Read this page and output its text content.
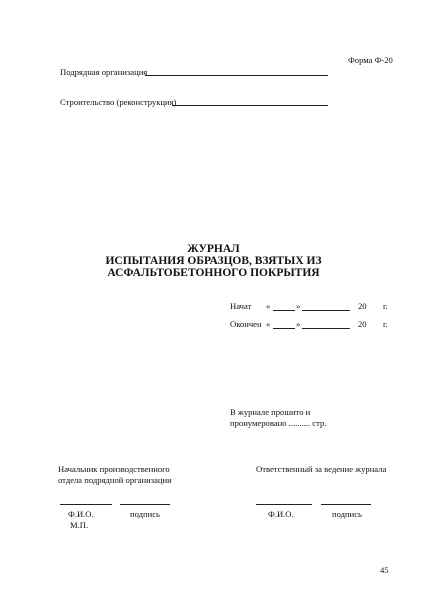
Форма Ф-20
Подрядная организация
Строительство (реконструкция)
ЖУРНАЛ
ИСПЫТАНИЯ ОБРАЗЦОВ, ВЗЯТЫХ ИЗ
АСФАЛЬТОБЕТОННОГО ПОКРЫТИЯ
Начат «	»	20 г.
Окончен «	»	20 г.
В журнале прошито и
пронумеровано .......... стр.
Начальник производственного
отдела подрядной организации
Ф.И.О.	подпись
М.П.
Ответственный за ведение журнала
Ф.И.О.	подпись
45
